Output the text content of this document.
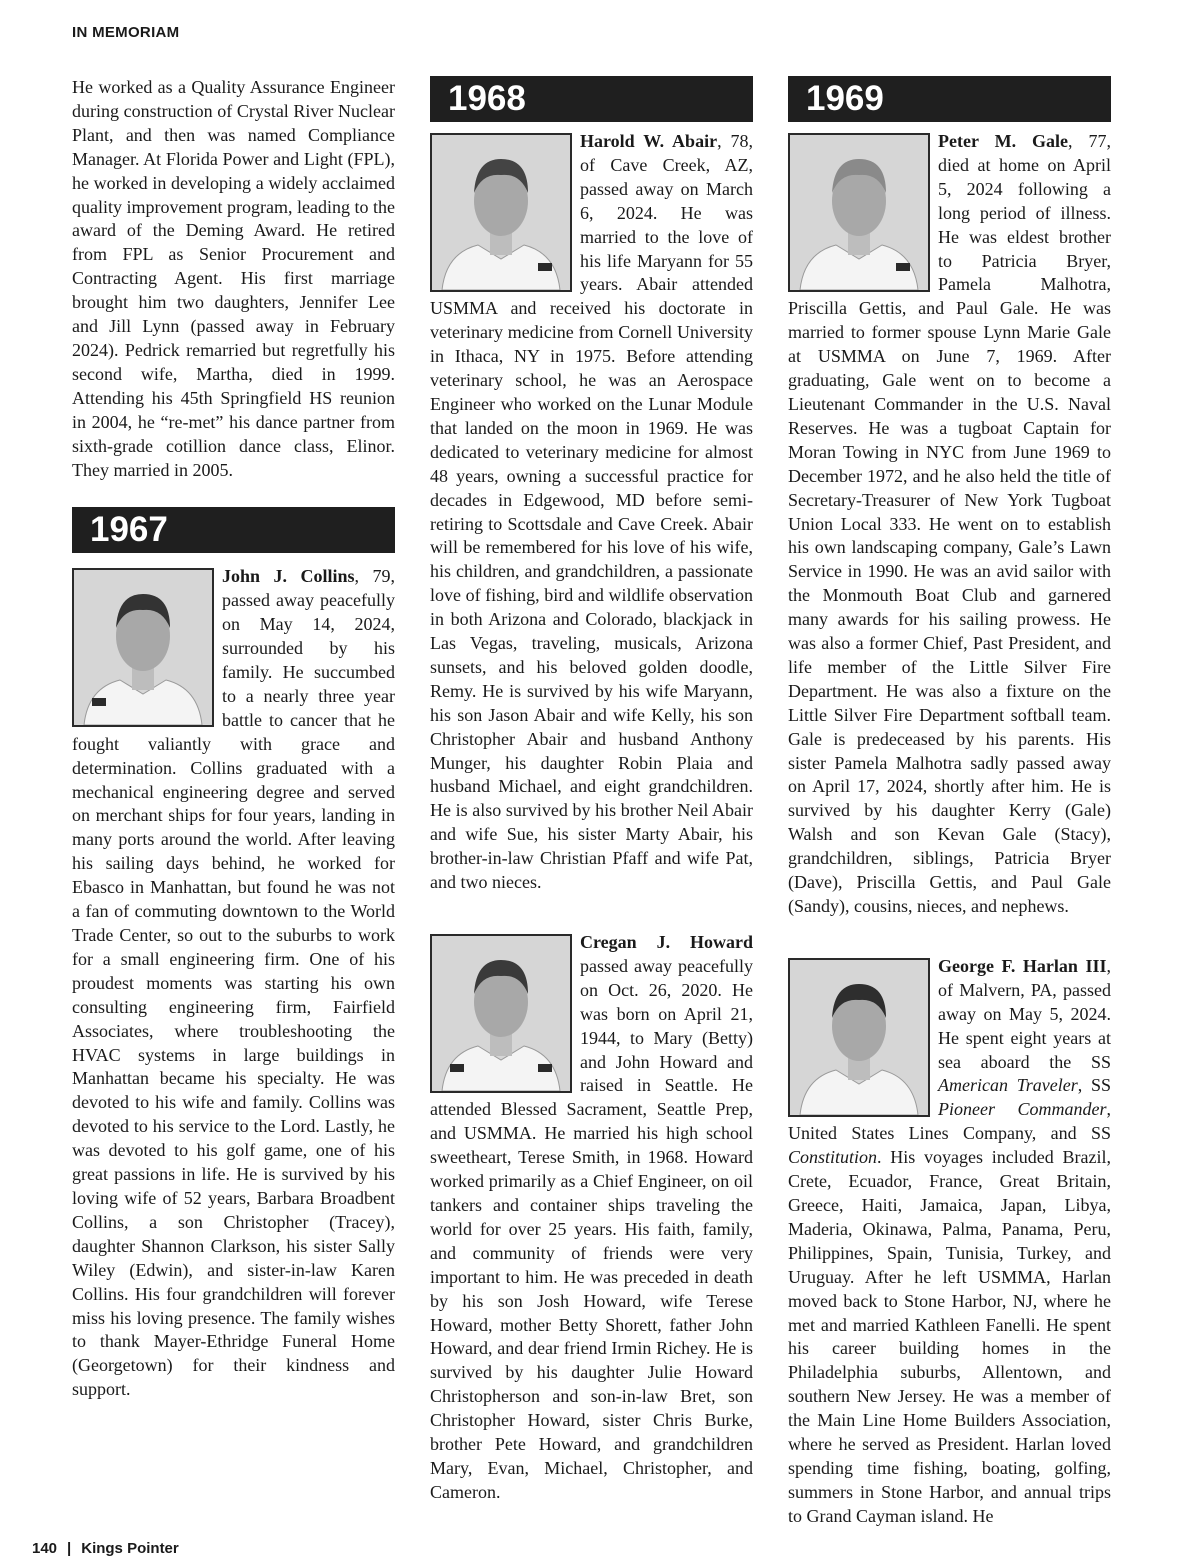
IN MEMORIAM

He worked as a Quality Assurance Engineer during construction of Crystal River Nuclear Plant, and then was named Compliance Manager. At Florida Power and Light (FPL), he worked in developing a widely acclaimed quality improvement program, leading to the award of the Deming Award. He retired from FPL as Senior Procurement and Contracting Agent. His first marriage brought him two daughters, Jennifer Lee and Jill Lynn (passed away in February 2024). Pedrick remarried but regretfully his second wife, Martha, died in 1999. Attending his 45th Springfield HS reunion in 2004, he “re-met” his dance partner from sixth-grade cotillion dance class, Elinor. They married in 2005.

1967

John J. Collins, 79, passed away peacefully on May 14, 2024, surrounded by his family. He succumbed to a nearly three year battle to cancer that he fought valiantly with grace and determination. Collins graduated with a mechanical engineering degree and served on merchant ships for four years, landing in many ports around the world. After leaving his sailing days behind, he worked for Ebasco in Manhattan, but found he was not a fan of commuting downtown to the World Trade Center, so out to the suburbs to work for a small engineering firm. One of his proudest moments was starting his own consulting engineering firm, Fairfield Associates, where troubleshooting the HVAC systems in large buildings in Manhattan became his specialty. He was devoted to his wife and family. Collins was devoted to his service to the Lord. Lastly, he was devoted to his golf game, one of his great passions in life. He is survived by his loving wife of 52 years, Barbara Broadbent Collins, a son Christopher (Tracey), daughter Shannon Clarkson, his sister Sally Wiley (Edwin), and sister-in-law Karen Collins. His four grandchildren will forever miss his loving presence. The family wishes to thank Mayer-Ethridge Funeral Home (Georgetown) for their kindness and support.

1968

Harold W. Abair, 78, of Cave Creek, AZ, passed away on March 6, 2024. He was married to the love of his life Maryann for 55 years. Abair attended USMMA and received his doctorate in veterinary medicine from Cornell University in Ithaca, NY in 1975. Before attending veterinary school, he was an Aerospace Engineer who worked on the Lunar Module that landed on the moon in 1969. He was dedicated to veterinary medicine for almost 48 years, owning a successful practice for decades in Edgewood, MD before semi-retiring to Scottsdale and Cave Creek. Abair will be remembered for his love of his wife, his children, and grandchildren, a passionate love of fishing, bird and wildlife observation in both Arizona and Colorado, blackjack in Las Vegas, traveling, musicals, Arizona sunsets, and his beloved golden doodle, Remy. He is survived by his wife Maryann, his son Jason Abair and wife Kelly, his son Christopher Abair and husband Anthony Munger, his daughter Robin Plaia and husband Michael, and eight grandchildren. He is also survived by his brother Neil Abair and wife Sue, his sister Marty Abair, his brother-in-law Christian Pfaff and wife Pat, and two nieces.

Cregan J. Howard passed away peacefully on Oct. 26, 2020. He was born on April 21, 1944, to Mary (Betty) and John Howard and raised in Seattle. He attended Blessed Sacrament, Seattle Prep, and USMMA. He married his high school sweetheart, Terese Smith, in 1968. Howard worked primarily as a Chief Engineer, on oil tankers and container ships traveling the world for over 25 years. His faith, family, and community of friends were very important to him. He was preceded in death by his son Josh Howard, wife Terese Howard, mother Betty Shorett, father John Howard, and dear friend Irmin Richey. He is survived by his daughter Julie Howard Christopherson and son-in-law Bret, son Christopher Howard, sister Chris Burke, brother Pete Howard, and grandchildren Mary, Evan, Michael, Christopher, and Cameron.

1969

Peter M. Gale, 77, died at home on April 5, 2024 following a long period of illness. He was eldest brother to Patricia Bryer, Pamela Malhotra, Priscilla Gettis, and Paul Gale. He was married to former spouse Lynn Marie Gale at USMMA on June 7, 1969. After graduating, Gale went on to become a Lieutenant Commander in the U.S. Naval Reserves. He was a tugboat Captain for Moran Towing in NYC from June 1969 to December 1972, and he also held the title of Secretary-Treasurer of New York Tugboat Union Local 333. He went on to establish his own landscaping company, Gale’s Lawn Service in 1990. He was an avid sailor with the Monmouth Boat Club and garnered many awards for his sailing prowess. He was also a former Chief, Past President, and life member of the Little Silver Fire Department. He was also a fixture on the Little Silver Fire Department softball team. Gale is predeceased by his parents. His sister Pamela Malhotra sadly passed away on April 17, 2024, shortly after him. He is survived by his daughter Kerry (Gale) Walsh and son Kevan Gale (Stacy), grandchildren, siblings, Patricia Bryer (Dave), Priscilla Gettis, and Paul Gale (Sandy), cousins, nieces, and nephews.

George F. Harlan III, of Malvern, PA, passed away on May 5, 2024. He spent eight years at sea aboard the SS American Traveler, SS Pioneer Commander, United States Lines Company, and SS Constitution. His voyages included Brazil, Crete, Ecuador, France, Great Britain, Greece, Haiti, Jamaica, Japan, Libya, Maderia, Okinawa, Palma, Panama, Peru, Philippines, Spain, Tunisia, Turkey, and Uruguay. After he left USMMA, Harlan moved back to Stone Harbor, NJ, where he met and married Kathleen Fanelli. He spent his career building homes in the Philadelphia suburbs, Allentown, and southern New Jersey. He was a member of the Main Line Home Builders Association, where he served as President. Harlan loved spending time fishing, boating, golfing, summers in Stone Harbor, and annual trips to Grand Cayman island. He

140 | Kings Pointer
